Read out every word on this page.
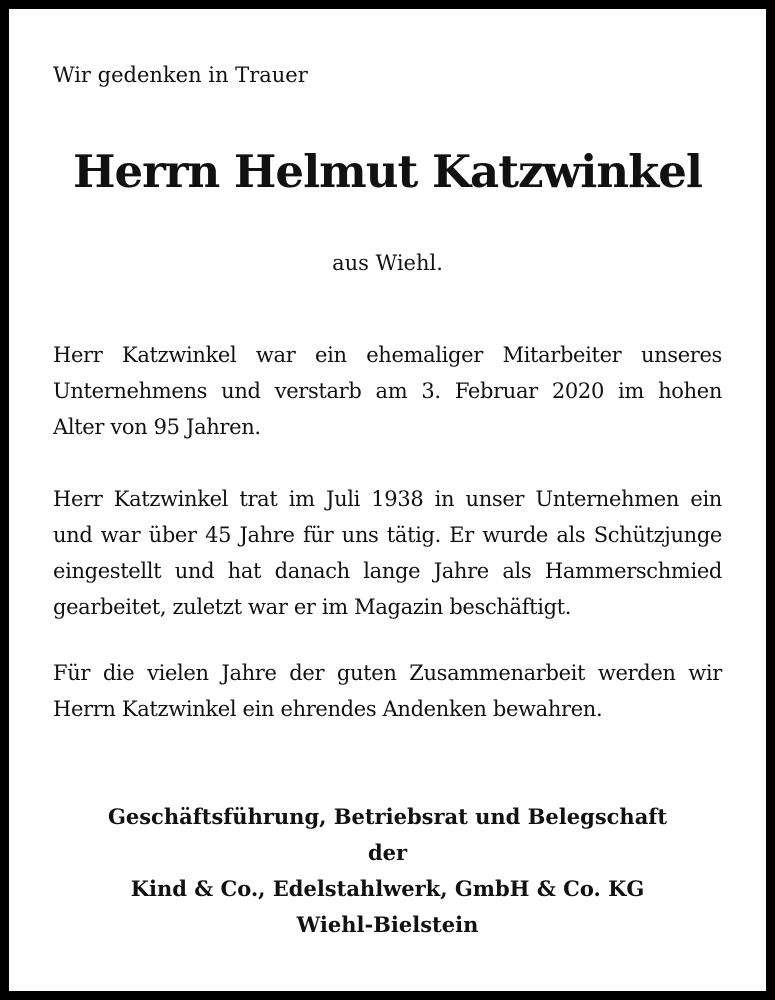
Wir gedenken in Trauer
Herrn Helmut Katzwinkel
aus Wiehl.
Herr Katzwinkel war ein ehemaliger Mitarbeiter unseres
Unternehmens und verstarb am 3. Februar 2020 im hohen
Alter von 95 Jahren.
Herr Katzwinkel trat im Juli 1938 in unser Unternehmen ein
und war über 45 Jahre für uns tätig. Er wurde als Schützjunge
eingestellt und hat danach lange Jahre als Hammerschmied
gearbeitet, zuletzt war er im Magazin beschäftigt.
Für die vielen Jahre der guten Zusammenarbeit werden wir
Herrn Katzwinkel ein ehrendes Andenken bewahren.
Geschäftsführung, Betriebsrat und Belegschaft
der
Kind & Co., Edelstahlwerk, GmbH & Co. KG
Wiehl-Bielstein
